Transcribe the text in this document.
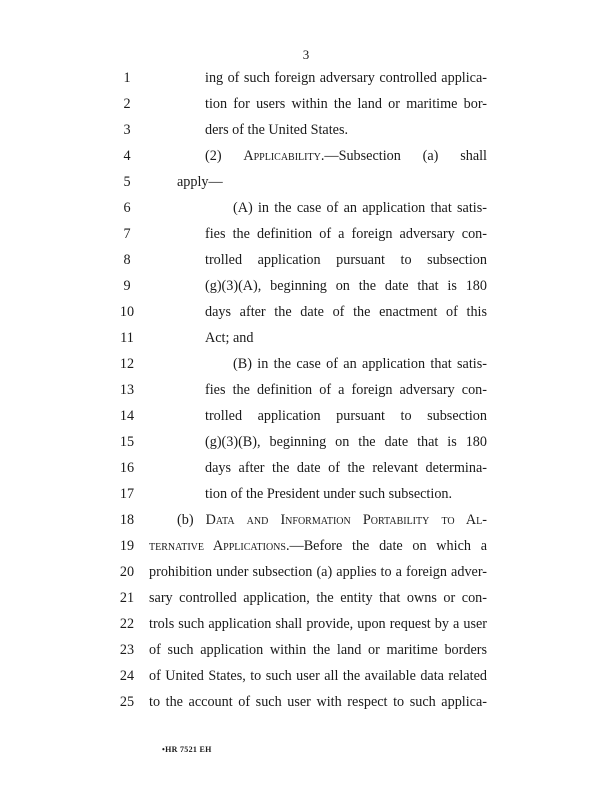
3
1	ing of such foreign adversary controlled applica-
2	tion for users within the land or maritime bor-
3	ders of the United States.
4	(2) Applicability.—Subsection (a) shall
5	apply—
6	(A) in the case of an application that satis-
7	fies the definition of a foreign adversary con-
8	trolled application pursuant to subsection
9	(g)(3)(A), beginning on the date that is 180
10	days after the date of the enactment of this
11	Act; and
12	(B) in the case of an application that satis-
13	fies the definition of a foreign adversary con-
14	trolled application pursuant to subsection
15	(g)(3)(B), beginning on the date that is 180
16	days after the date of the relevant determina-
17	tion of the President under such subsection.
18	(b) Data and Information Portability to Al-
19 ternative Applications.—Before the date on which a
20 prohibition under subsection (a) applies to a foreign adver-
21 sary controlled application, the entity that owns or con-
22 trols such application shall provide, upon request by a user
23 of such application within the land or maritime borders
24 of United States, to such user all the available data related
25 to the account of such user with respect to such applica-
•HR 7521 EH
